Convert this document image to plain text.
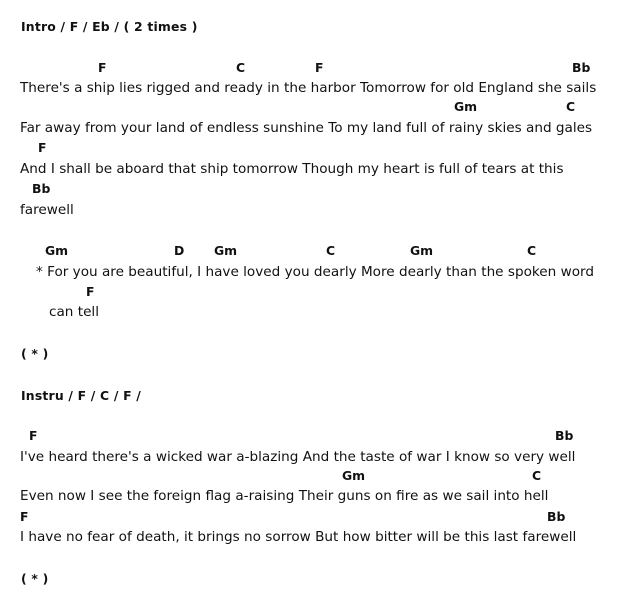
Intro / F / Eb / ( 2 times )
F	C	F	Bb
There's a ship lies rigged and ready in the harbor Tomorrow for old England she sails
Gm	C
Far away from your land of endless sunshine To my land full of rainy skies and gales
F
And I shall be aboard that ship tomorrow Though my heart is full of tears at this
Bb
farewell
Gm	D Gm	C	Gm	C
* For you are beautiful, I have loved you dearly More dearly than the spoken word
F
can tell
( * )
Instru / F / C / F /
F	Bb
I've heard there's a wicked war a-blazing And the taste of war I know so very well
Gm	C
Even now I see the foreign flag a-raising Their guns on fire as we sail into hell
F	Bb
I have no fear of death, it brings no sorrow But how bitter will be this last farewell
( * )
